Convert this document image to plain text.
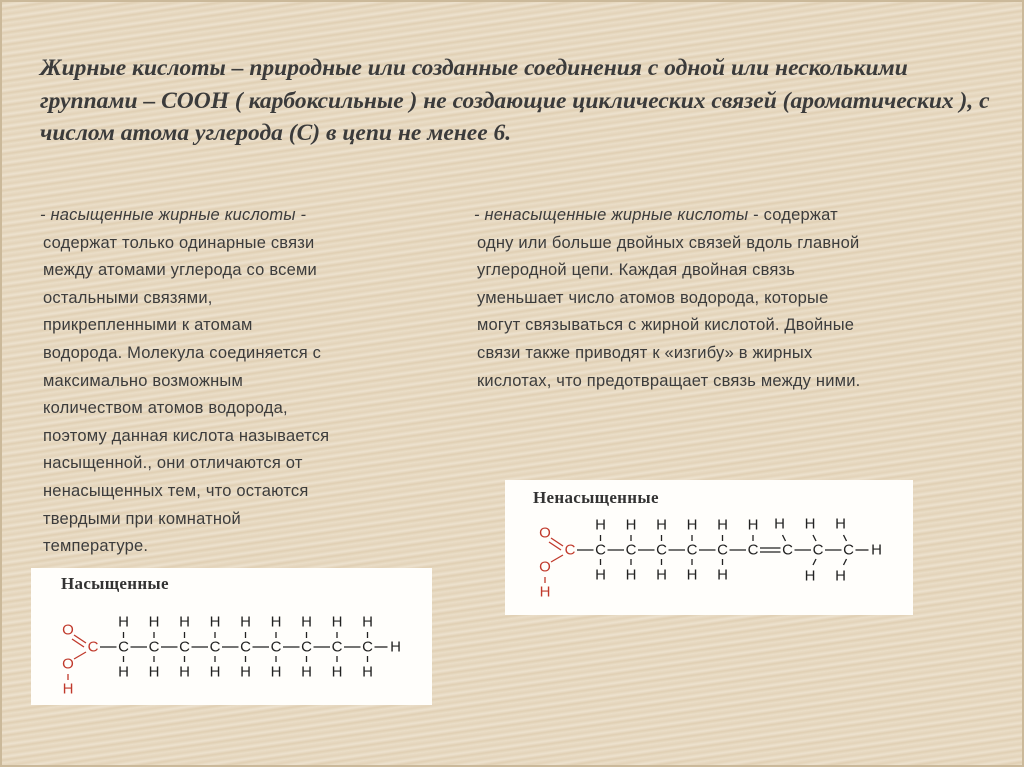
Жирные кислоты – природные или созданные соединения с одной или несколькими группами – СООН ( карбоксильные ) не создающие циклических связей (ароматических ), с числом атома углерода (С) в цепи не менее 6.
- насыщенные жирные кислоты -
содержат только одинарные связи
между атомами углерода со всеми
остальными связями,
прикрепленными к атомам
водорода. Молекула соединяется с
максимально возможным
количеством атомов водорода,
поэтому данная кислота называется
насыщенной., они отличаются от
ненасыщенных тем, что остаются
твердыми при комнатной
температуре.
- ненасыщенные жирные кислоты - содержат
одну или больше двойных связей вдоль главной
углеродной цепи. Каждая двойная связь
уменьшает число атомов водорода, которые
могут связываться с жирной кислотой. Двойные
связи также приводят к «изгибу» в жирных
кислотах, что предотвращает связь между ними.
Насыщенные
O
C
O
H
C
H
H
C
H
H
C
H
H
C
H
H
C
H
H
C
H
H
C
H
H
C
H
H
C
H
H
H
Ненасыщенные
O
C
O
H
C
H
H
C
H
H
C
H
H
C
H
H
C
H
H
C
H
C
H
C
H
H
C
H
H
H
